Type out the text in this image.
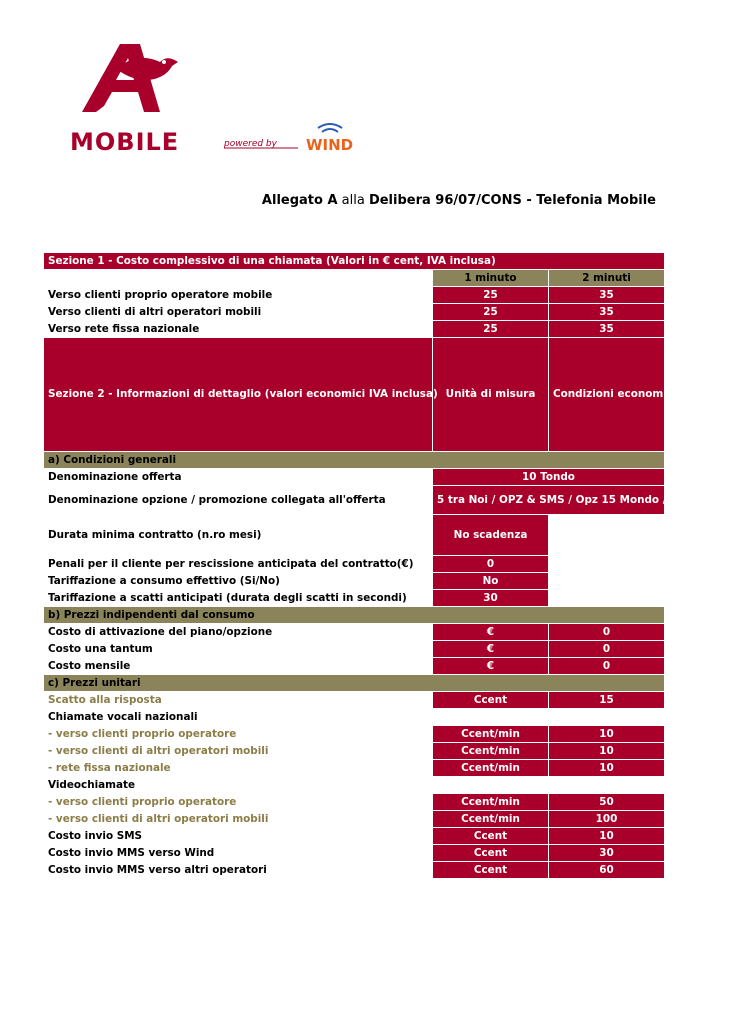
MOBILE	powered by WIND
Allegato A alla Delibera 96/07/CONS - Telefonia Mobile
Sezione 1 - Costo complessivo di una chiamata (Valori in € cent, IVA inclusa)		
	1 minuto	2 minuti
Verso clienti proprio operatore mobile	25	35
Verso clienti di altri operatori mobili	25	35
Verso rete fissa nazionale	25	35
Sezione 2 - Informazioni di dettaglio (valori economici IVA inclusa)	Unità di misura	Condizioni economiche di offerta
a) Condizioni generali		
Denominazione offerta	10 Tondo	
Denominazione opzione / promozione collegata all'offerta	5 tra Noi / OPZ & SMS / Opz 15 Mondo / 50 ore Internt	
Durata minima contratto (n.ro mesi)	No scadenza	
Penali per il cliente per rescissione anticipata del contratto(€)	0	
Tariffazione a consumo effettivo (Si/No)	No	
Tariffazione a scatti anticipati (durata degli scatti in secondi)	30	
b) Prezzi indipendenti dal consumo		
Costo di attivazione del piano/opzione	€	0
Costo una tantum	€	0
Costo mensile	€	0
c) Prezzi unitari		
Scatto alla risposta	Ccent	15
Chiamate vocali nazionali		
- verso clienti proprio operatore	Ccent/min	10
- verso clienti di altri operatori mobili	Ccent/min	10
- rete fissa nazionale	Ccent/min	10
Videochiamate		
- verso clienti proprio operatore	Ccent/min	50
- verso clienti di altri operatori mobili	Ccent/min	100
Costo invio SMS	Ccent	10
Costo invio MMS verso Wind	Ccent	30
Costo invio MMS verso altri operatori	Ccent	60
